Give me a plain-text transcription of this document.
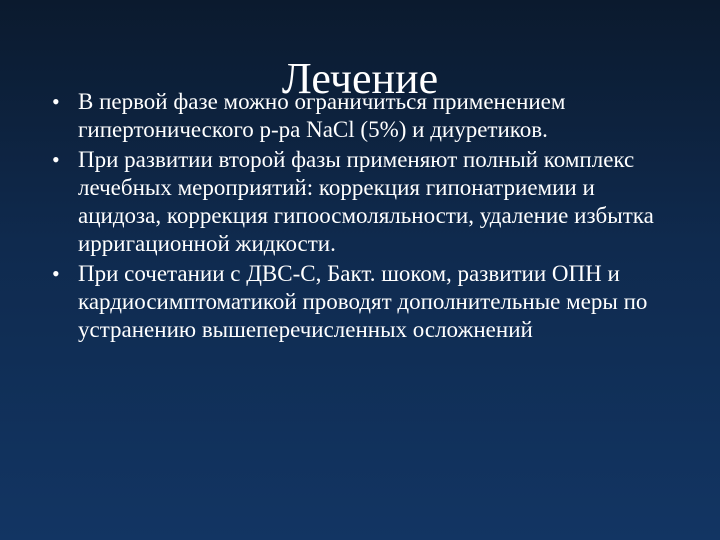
Лечение
• В первой фазе можно ограничиться применением гипертонического р-ра NaCl (5%) и диуретиков.
• При развитии второй фазы применяют полный комплекс лечебных мероприятий: коррекция гипонатриемии и ацидоза, коррекция гипоосмоляльности, удаление избытка ирригационной жидкости.
• При сочетании с ДВС-С, Бакт. шоком, развитии ОПН и кардиосимптоматикой проводят дополнительные меры по устранению вышеперечисленных осложнений
